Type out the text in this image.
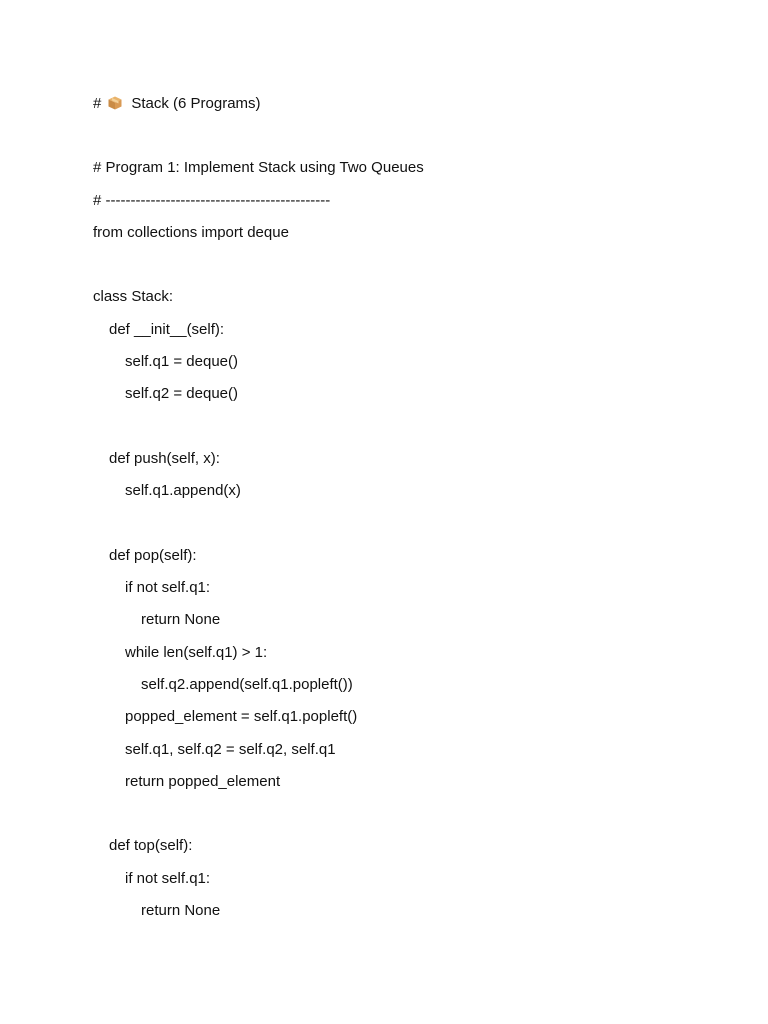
# Stack (6 Programs)
# Program 1: Implement Stack using Two Queues
# ---------------------------------------------
from collections import deque
class Stack:
def __init__(self):
self.q1 = deque()
self.q2 = deque()
def push(self, x):
self.q1.append(x)
def pop(self):
if not self.q1:
return None
while len(self.q1) > 1:
self.q2.append(self.q1.popleft())
popped_element = self.q1.popleft()
self.q1, self.q2 = self.q2, self.q1
return popped_element
def top(self):
if not self.q1:
return None
